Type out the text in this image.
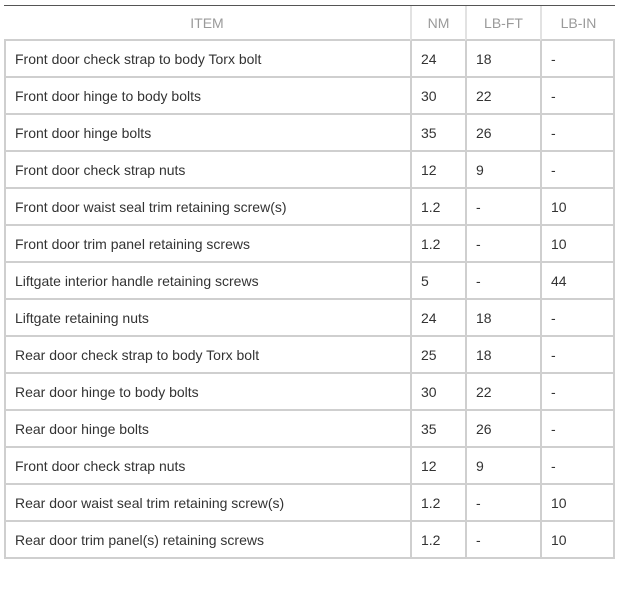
ITEM	NM	LB-FT	LB-IN
Front door check strap to body Torx bolt	24	18	-
Front door hinge to body bolts	30	22	-
Front door hinge bolts	35	26	-
Front door check strap nuts	12	9	-
Front door waist seal trim retaining screw(s)	1.2	-	10
Front door trim panel retaining screws	1.2	-	10
Liftgate interior handle retaining screws	5	-	44
Liftgate retaining nuts	24	18	-
Rear door check strap to body Torx bolt	25	18	-
Rear door hinge to body bolts	30	22	-
Rear door hinge bolts	35	26	-
Front door check strap nuts	12	9	-
Rear door waist seal trim retaining screw(s)	1.2	-	10
Rear door trim panel(s) retaining screws	1.2	-	10
